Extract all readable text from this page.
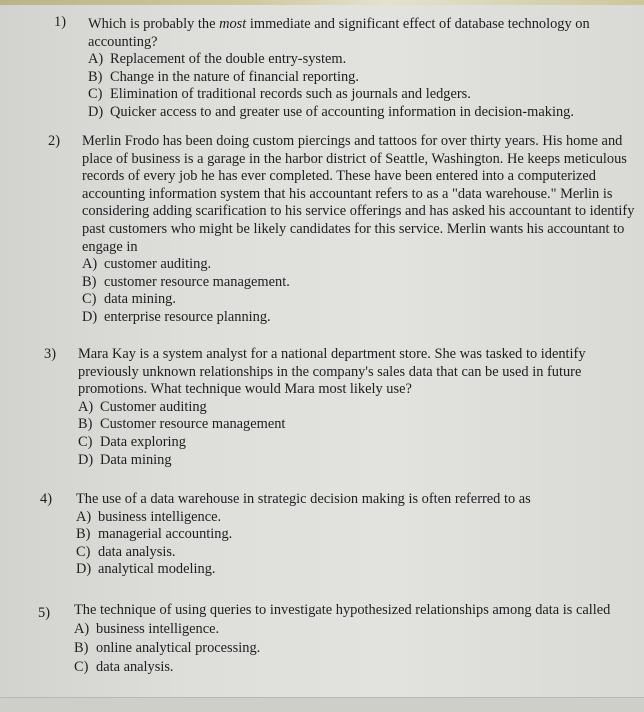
1)	Which is probably the most immediate and significant effect of database technology on accounting?
A) Replacement of the double entry-system.
B) Change in the nature of financial reporting.
C) Elimination of traditional records such as journals and ledgers.
D) Quicker access to and greater use of accounting information in decision-making.
2)	Merlin Frodo has been doing custom piercings and tattoos for over thirty years. His home and place of business is a garage in the harbor district of Seattle, Washington. He keeps meticulous records of every job he has ever completed. These have been entered into a computerized accounting information system that his accountant refers to as a "data warehouse." Merlin is considering adding scarification to his service offerings and has asked his accountant to identify past customers who might be likely candidates for this service. Merlin wants his accountant to engage in
A) customer auditing.
B) customer resource management.
C) data mining.
D) enterprise resource planning.
3)	Mara Kay is a system analyst for a national department store. She was tasked to identify previously unknown relationships in the company's sales data that can be used in future promotions. What technique would Mara most likely use?
A) Customer auditing
B) Customer resource management
C) Data exploring
D) Data mining
4)	The use of a data warehouse in strategic decision making is often referred to as
A) business intelligence.
B) managerial accounting.
C) data analysis.
D) analytical modeling.
5)	The technique of using queries to investigate hypothesized relationships among data is called
A) business intelligence.
B) online analytical processing.
C) data analysis.
